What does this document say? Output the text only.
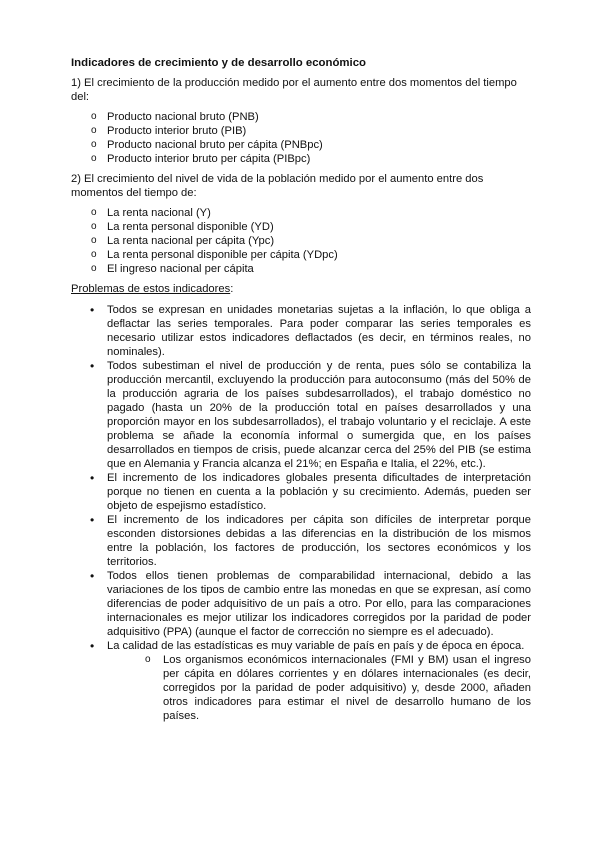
Indicadores de crecimiento y de desarrollo económico

1) El crecimiento de la producción medido por el aumento entre dos momentos del tiempo del:

o Producto nacional bruto (PNB)
o Producto interior bruto (PIB)
o Producto nacional bruto per cápita (PNBpc)
o Producto interior bruto per cápita (PIBpc)

2) El crecimiento del nivel de vida de la población medido por el aumento entre dos momentos del tiempo de:

o La renta nacional (Y)
o La renta personal disponible (YD)
o La renta nacional per cápita (Ypc)
o La renta personal disponible per cápita (YDpc)
o El ingreso nacional per cápita

Problemas de estos indicadores:

• Todos se expresan en unidades monetarias sujetas a la inflación, lo que obliga a deflactar las series temporales. Para poder comparar las series temporales es necesario utilizar estos indicadores deflactados (es decir, en términos reales, no nominales).
• Todos subestiman el nivel de producción y de renta, pues sólo se contabiliza la producción mercantil, excluyendo la producción para autoconsumo (más del 50% de la producción agraria de los países subdesarrollados), el trabajo doméstico no pagado (hasta un 20% de la producción total en países desarrollados y una proporción mayor en los subdesarrollados), el trabajo voluntario y el reciclaje. A este problema se añade la economía informal o sumergida que, en los países desarrollados en tiempos de crisis, puede alcanzar cerca del 25% del PIB (se estima que en Alemania y Francia alcanza el 21%; en España e Italia, el 22%, etc.).
• El incremento de los indicadores globales presenta dificultades de interpretación porque no tienen en cuenta a la población y su crecimiento. Además, pueden ser objeto de espejismo estadístico.
• El incremento de los indicadores per cápita son difíciles de interpretar porque esconden distorsiones debidas a las diferencias en la distribución de los mismos entre la población, los factores de producción, los sectores económicos y los territorios.
• Todos ellos tienen problemas de comparabilidad internacional, debido a las variaciones de los tipos de cambio entre las monedas en que se expresan, así como diferencias de poder adquisitivo de un país a otro. Por ello, para las comparaciones internacionales es mejor utilizar los indicadores corregidos por la paridad de poder adquisitivo (PPA) (aunque el factor de corrección no siempre es el adecuado).
• La calidad de las estadísticas es muy variable de país en país y de época en época.
o Los organismos económicos internacionales (FMI y BM) usan el ingreso per cápita en dólares corrientes y en dólares internacionales (es decir, corregidos por la paridad de poder adquisitivo) y, desde 2000, añaden otros indicadores para estimar el nivel de desarrollo humano de los países.
